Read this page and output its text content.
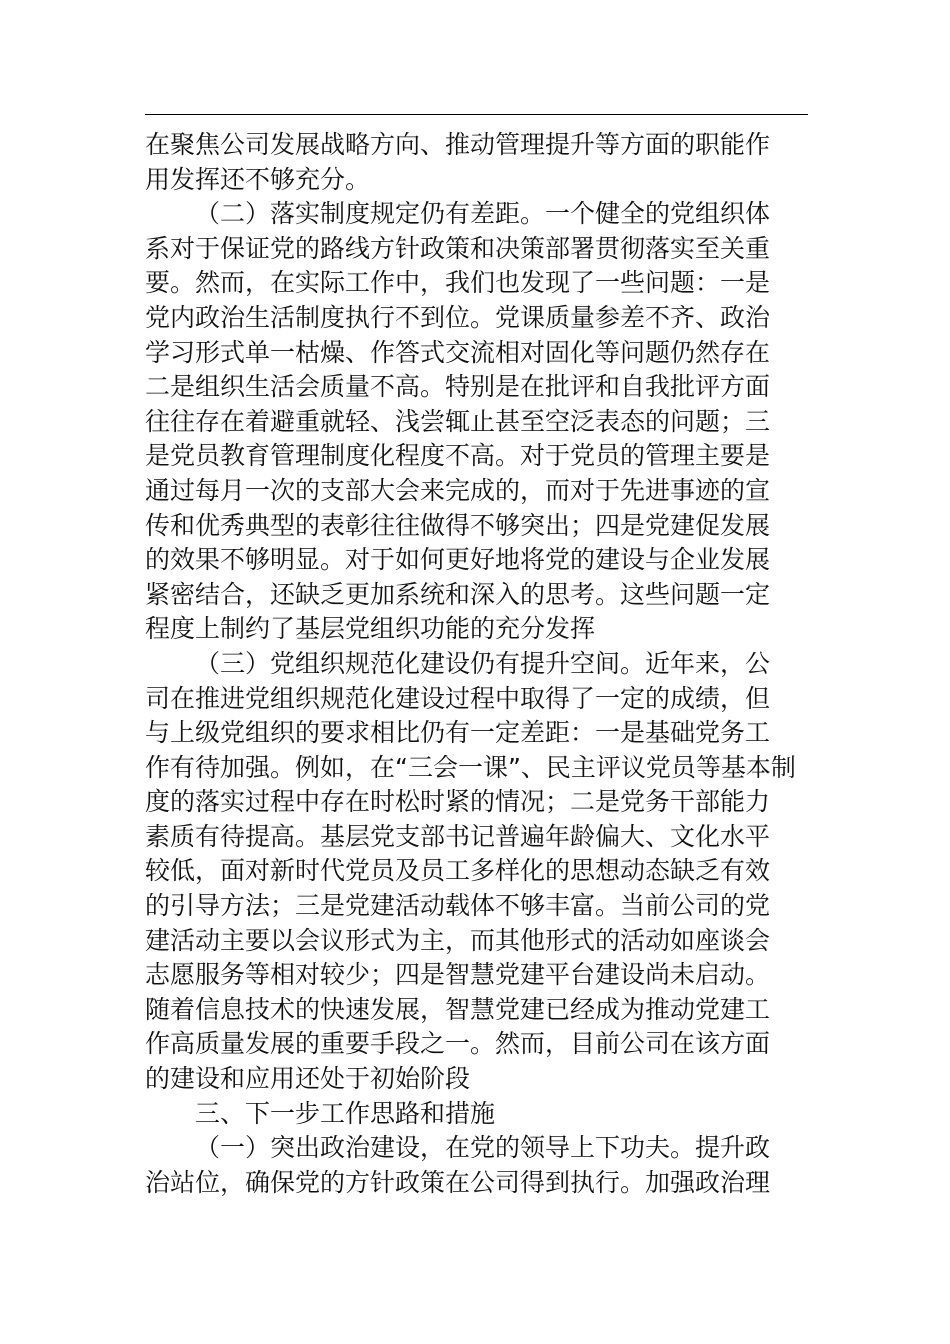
在聚焦公司发展战略方向、推动管理提升等方面的职能作
用发挥还不够充分。
（二）落实制度规定仍有差距。一个健全的党组织体
系对于保证党的路线方针政策和决策部署贯彻落实至关重
要。然而，在实际工作中，我们也发现了一些问题：一是
党内政治生活制度执行不到位。党课质量参差不齐、政治
学习形式单一枯燥、作答式交流相对固化等问题仍然存在
二是组织生活会质量不高。特别是在批评和自我批评方面
往往存在着避重就轻、浅尝辄止甚至空泛表态的问题；三
是党员教育管理制度化程度不高。对于党员的管理主要是
通过每月一次的支部大会来完成的，而对于先进事迹的宣
传和优秀典型的表彰往往做得不够突出；四是党建促发展
的效果不够明显。对于如何更好地将党的建设与企业发展
紧密结合，还缺乏更加系统和深入的思考。这些问题一定
程度上制约了基层党组织功能的充分发挥
（三）党组织规范化建设仍有提升空间。近年来，公
司在推进党组织规范化建设过程中取得了一定的成绩，但
与上级党组织的要求相比仍有一定差距：一是基础党务工
作有待加强。例如，在“三会一课”、民主评议党员等基本制
度的落实过程中存在时松时紧的情况；二是党务干部能力
素质有待提高。基层党支部书记普遍年龄偏大、文化水平
较低，面对新时代党员及员工多样化的思想动态缺乏有效
的引导方法；三是党建活动载体不够丰富。当前公司的党
建活动主要以会议形式为主，而其他形式的活动如座谈会
志愿服务等相对较少；四是智慧党建平台建设尚未启动。
随着信息技术的快速发展，智慧党建已经成为推动党建工
作高质量发展的重要手段之一。然而，目前公司在该方面
的建设和应用还处于初始阶段
三、下一步工作思路和措施
（一）突出政治建设，在党的领导上下功夫。提升政
治站位，确保党的方针政策在公司得到执行。加强政治理
